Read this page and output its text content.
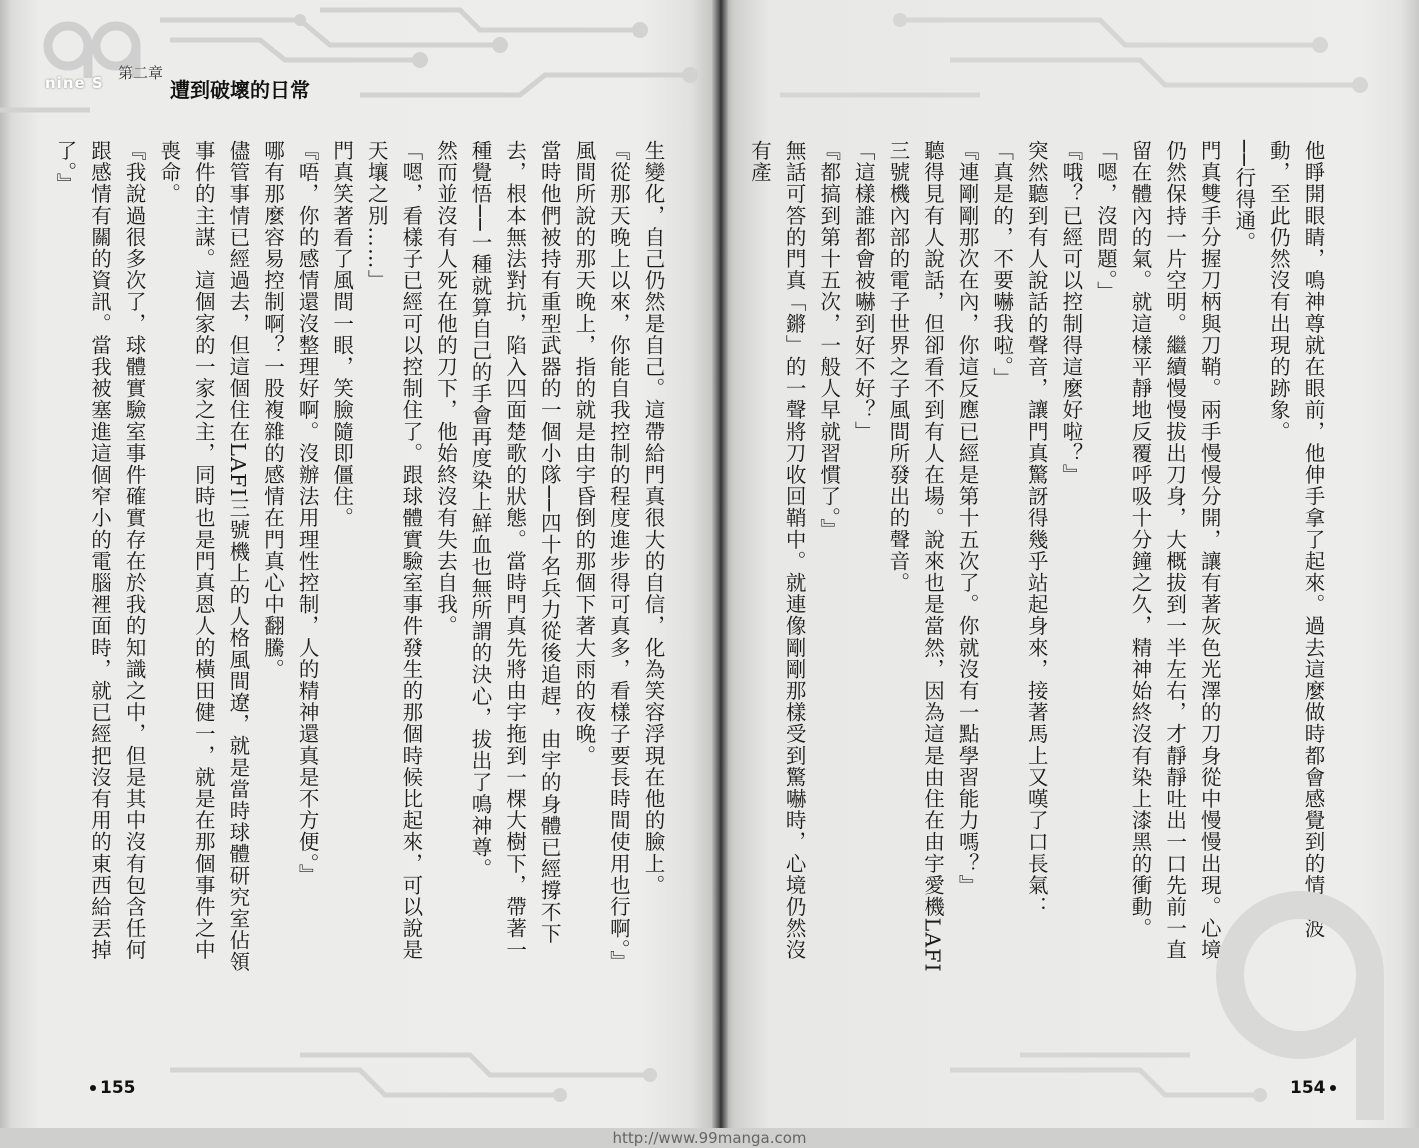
nine S
第二章
遭到破壞的日常

生變化，自己仍然是自己。這帶給門真很大的自信，化為笑容浮現在他的臉上。

『從那天晚上以來，你能自我控制的程度進步得可真多，看樣子要長時間使用也行啊。』

風間所說的那天晚上，指的就是由宇昏倒的那個下著大雨的夜晚。

當時他們被持有重型武器的一個小隊──四十名兵力從後追趕，由宇的身體已經撐不下去，根本無法對抗，陷入四面楚歌的狀態。當時門真先將由宇拖到一棵大樹下，帶著一種覺悟──一種就算自己的手會再度染上鮮血也無所謂的決心，拔出了鳴神尊。

然而並沒有人死在他的刀下，他始終沒有失去自我。

「嗯，看樣子已經可以控制住了。跟球體實驗室事件發生的那個時候比起來，可以說是天壤之別……」

門真笑著看了風間一眼，笑臉隨即僵住。

『唔，你的感情還沒整理好啊。沒辦法用理性控制，人的精神還真是不方便。』

哪有那麼容易控制啊？一股複雜的感情在門真心中翻騰。

儘管事情已經過去，但這個住在LAFI三號機上的人格風間遼，就是當時球體研究室佔領事件的主謀。這個家的一家之主，同時也是門真恩人的橫田健一，就是在那個事件之中喪命。

『我說過很多次了，球體實驗室事件確實存在於我的知識之中，但是其中沒有包含任何跟感情有關的資訊。當我被塞進這個窄小的電腦裡面時，就已經把沒有用的東西給丟掉了。』

155

他睜開眼睛，鳴神尊就在眼前，他伸手拿了起來。過去這麼做時都會感覺到的情緒波動，至此仍然沒有出現的跡象。

──行得通。

門真雙手分握刀柄與刀鞘。兩手慢慢分開，讓有著灰色光澤的刀身從中慢慢出現。心境仍然保持一片空明。繼續慢慢拔出刀身，大概拔到一半左右，才靜靜吐出一口先前一直留在體內的氣。就這樣平靜地反覆呼吸十分鐘之久，精神始終沒有染上漆黑的衝動。

「嗯，沒問題。」

『哦？已經可以控制得這麼好啦？』

突然聽到有人說話的聲音，讓門真驚訝得幾乎站起身來，接著馬上又嘆了口長氣：

「真是的，不要嚇我啦。」

『連剛剛那次在內，你這反應已經是第十五次了。你就沒有一點學習能力嗎？』

聽得見有人說話，但卻看不到有人在場。說來也是當然，因為這是由住在由宇愛機LAFI三號機內部的電子世界之子風間所發出的聲音。

「這樣誰都會被嚇到好不好？」

『都搞到第十五次，一般人早就習慣了。』

無話可答的門真「鏘」的一聲將刀收回鞘中。就連像剛剛那樣受到驚嚇時，心境仍然沒有產

154
http://www.99manga.com
